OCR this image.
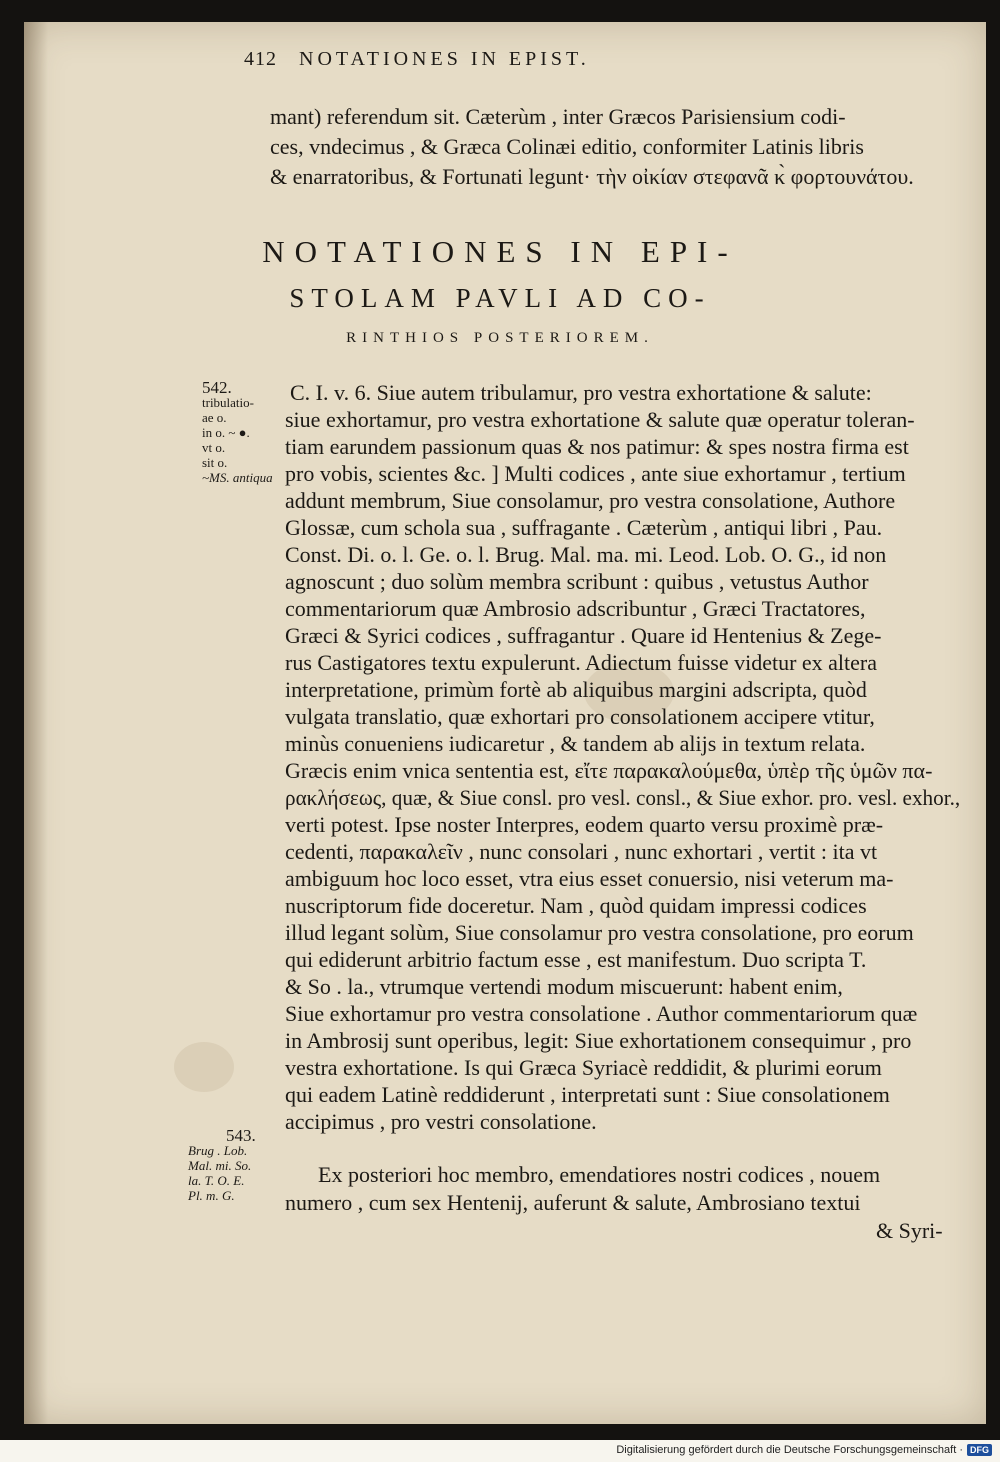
412 NOTATIONES IN EPIST.
mant) referendum sit. Cæterùm , inter Græcos Parisiensium codi-
ces, vndecimus , & Græca Colinæi editio, conformiter Latinis libris
& enarratoribus, & Fortunati legunt· τὴν οἰκίαν στεφανᾶ κ̀ φορτουνάτου.
NOTATIONES IN EPI-
STOLAM PAVLI AD CO-
RINTHIOS POSTERIOREM.
542.
tribulatio-
ae o.
in o. ~ ●.
vt o.
sit o.
~MS. antiqua
C. I. v. 6. Siue autem tribulamur, pro vestra exhortatione & salute:
siue exhortamur, pro vestra exhortatione & salute quæ operatur toleran-
tiam earundem passionum quas & nos patimur: & spes nostra firma est
pro vobis, scientes &c. ] Multi codices , ante siue exhortamur , tertium
addunt membrum, Siue consolamur, pro vestra consolatione, Authore
Glossæ, cum schola sua , suffragante . Cæterùm , antiqui libri , Pau.
Const. Di. o. l. Ge. o. l. Brug. Mal. ma. mi. Leod. Lob. O. G., id non
agnoscunt ; duo solùm membra scribunt : quibus , vetustus Author
commentariorum quæ Ambrosio adscribuntur , Græci Tractatores,
Græci & Syrici codices , suffragantur . Quare id Hentenius & Zege-
rus Castigatores textu expulerunt. Adiectum fuisse videtur ex altera
interpretatione, primùm fortè ab aliquibus margini adscripta, quòd
vulgata translatio, quæ exhortari pro consolationem accipere vtitur,
minùs conueniens iudicaretur , & tandem ab alijs in textum relata.
Græcis enim vnica sententia est, εἴτε παρακαλούμεθα, ὑπὲρ τῆς ὑμῶν πα-
ρακλήσεως, quæ, & Siue consl. pro vesl. consl., & Siue exhor. pro. vesl. exhor.,
verti potest. Ipse noster Interpres, eodem quarto versu proximè præ-
cedenti, παρακαλεῖν , nunc consolari , nunc exhortari , vertit : ita vt
ambiguum hoc loco esset, vtra eius esset conuersio, nisi veterum ma-
nuscriptorum fide doceretur. Nam , quòd quidam impressi codices
illud legant solùm, Siue consolamur pro vestra consolatione, pro eorum
qui ediderunt arbitrio factum esse , est manifestum. Duo scripta T.
& So . la., vtrumque vertendi modum miscuerunt: habent enim,
Siue exhortamur pro vestra consolatione . Author commentariorum quæ
in Ambrosij sunt operibus, legit: Siue exhortationem consequimur , pro
vestra exhortatione. Is qui Græca Syriacè reddidit, & plurimi eorum
qui eadem Latinè reddiderunt , interpretati sunt : Siue consolationem
accipimus , pro vestri consolatione.
543.
Brug . Lob.
Mal. mi. So.
la. T. O. E.
Pl. m. G.
Ex posteriori hoc membro, emendatiores nostri codices , nouem
numero , cum sex Hentenij, auferunt & salute, Ambrosiano textui
& Syri-
Digitalisierung gefördert durch die Deutsche Forschungsgemeinschaft · DFG
